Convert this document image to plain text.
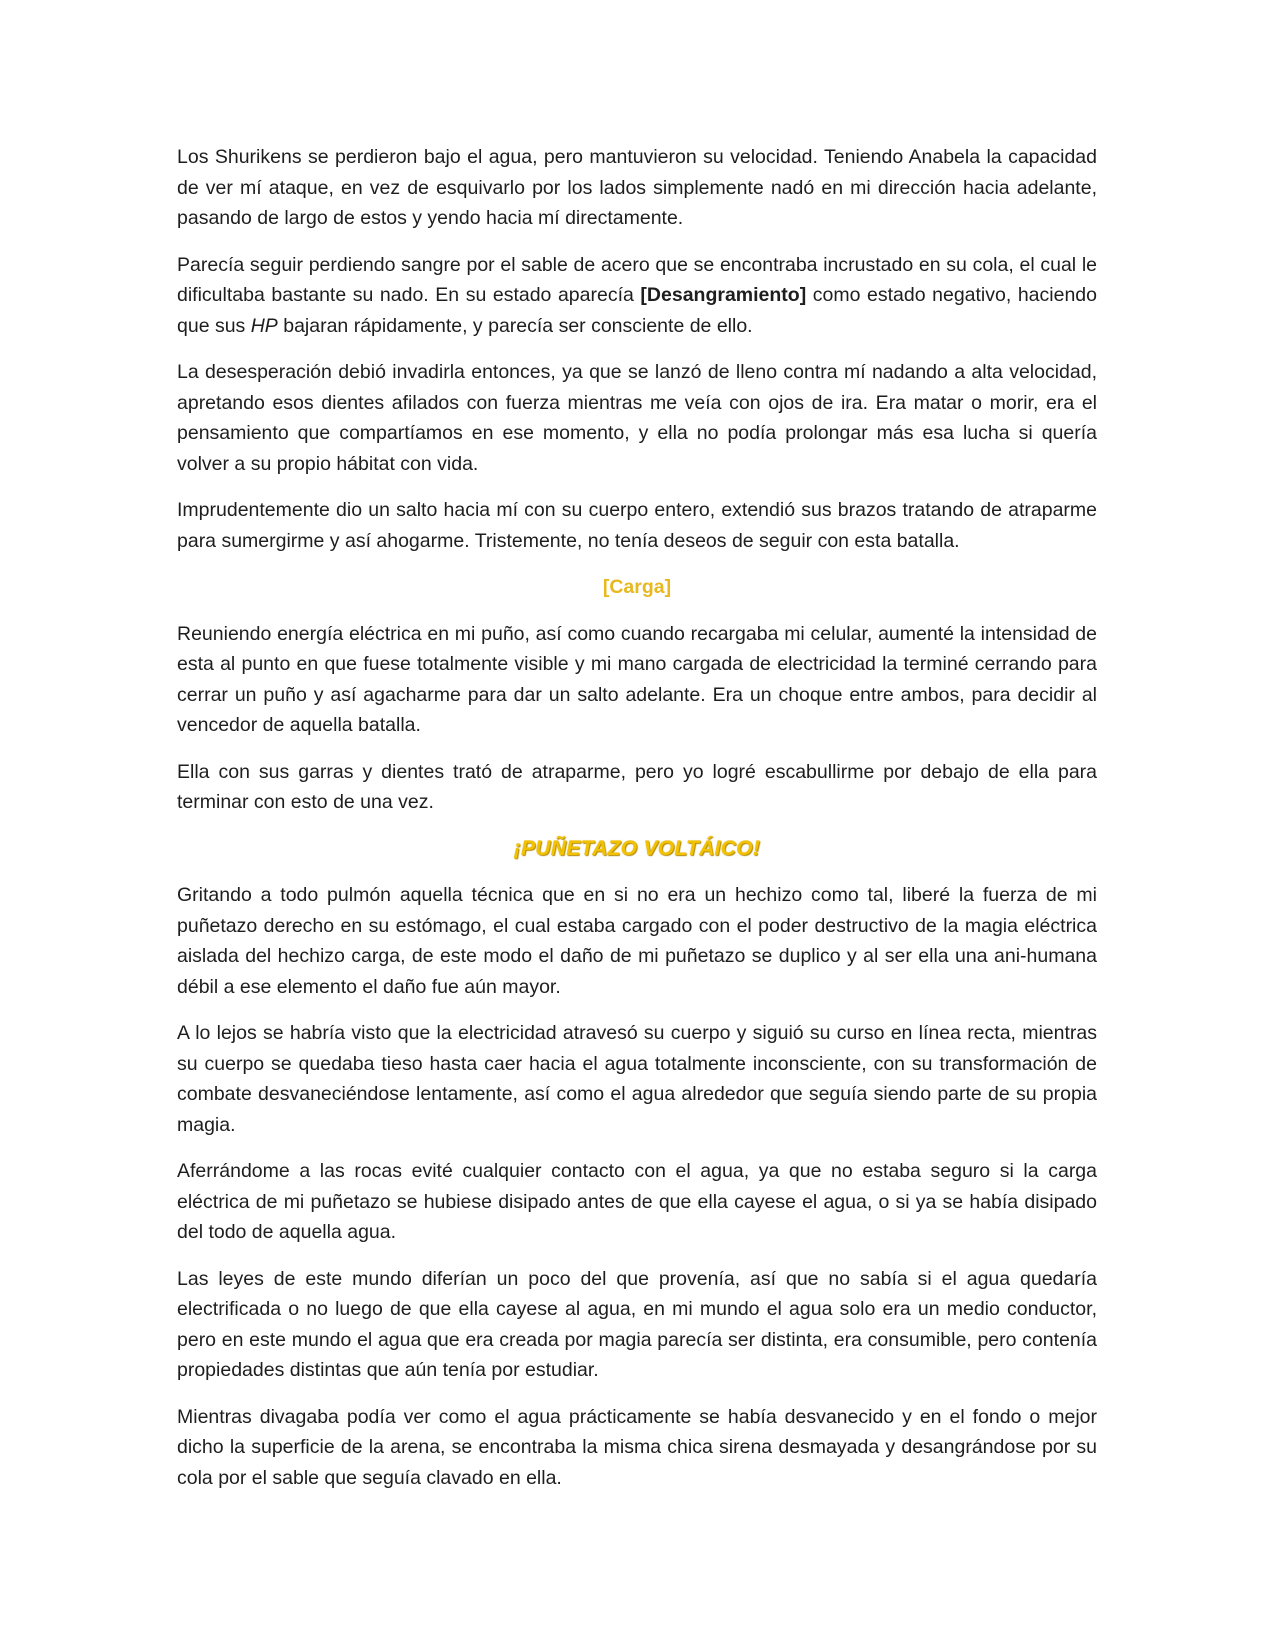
Los Shurikens se perdieron bajo el agua, pero mantuvieron su velocidad. Teniendo Anabela la capacidad de ver mí ataque, en vez de esquivarlo por los lados simplemente nadó en mi dirección hacia adelante, pasando de largo de estos y yendo hacia mí directamente.

Parecía seguir perdiendo sangre por el sable de acero que se encontraba incrustado en su cola, el cual le dificultaba bastante su nado. En su estado aparecía [Desangramiento] como estado negativo, haciendo que sus HP bajaran rápidamente, y parecía ser consciente de ello.

La desesperación debió invadirla entonces, ya que se lanzó de lleno contra mí nadando a alta velocidad, apretando esos dientes afilados con fuerza mientras me veía con ojos de ira. Era matar o morir, era el pensamiento que compartíamos en ese momento, y ella no podía prolongar más esa lucha si quería volver a su propio hábitat con vida.

Imprudentemente dio un salto hacia mí con su cuerpo entero, extendió sus brazos tratando de atraparme para sumergirme y así ahogarme. Tristemente, no tenía deseos de seguir con esta batalla.

[Carga]

Reuniendo energía eléctrica en mi puño, así como cuando recargaba mi celular, aumenté la intensidad de esta al punto en que fuese totalmente visible y mi mano cargada de electricidad la terminé cerrando para cerrar un puño y así agacharme para dar un salto adelante. Era un choque entre ambos, para decidir al vencedor de aquella batalla.

Ella con sus garras y dientes trató de atraparme, pero yo logré escabullirme por debajo de ella para terminar con esto de una vez.

¡PUÑETAZO VOLTÁICO!

Gritando a todo pulmón aquella técnica que en si no era un hechizo como tal, liberé la fuerza de mi puñetazo derecho en su estómago, el cual estaba cargado con el poder destructivo de la magia eléctrica aislada del hechizo carga, de este modo el daño de mi puñetazo se duplico y al ser ella una ani-humana débil a ese elemento el daño fue aún mayor.

A lo lejos se habría visto que la electricidad atravesó su cuerpo y siguió su curso en línea recta, mientras su cuerpo se quedaba tieso hasta caer hacia el agua totalmente inconsciente, con su transformación de combate desvaneciéndose lentamente, así como el agua alrededor que seguía siendo parte de su propia magia.

Aferrándome a las rocas evité cualquier contacto con el agua, ya que no estaba seguro si la carga eléctrica de mi puñetazo se hubiese disipado antes de que ella cayese el agua, o si ya se había disipado del todo de aquella agua.

Las leyes de este mundo diferían un poco del que provenía, así que no sabía si el agua quedaría electrificada o no luego de que ella cayese al agua, en mi mundo el agua solo era un medio conductor, pero en este mundo el agua que era creada por magia parecía ser distinta, era consumible, pero contenía propiedades distintas que aún tenía por estudiar.

Mientras divagaba podía ver como el agua prácticamente se había desvanecido y en el fondo o mejor dicho la superficie de la arena, se encontraba la misma chica sirena desmayada y desangrándose por su cola por el sable que seguía clavado en ella.
